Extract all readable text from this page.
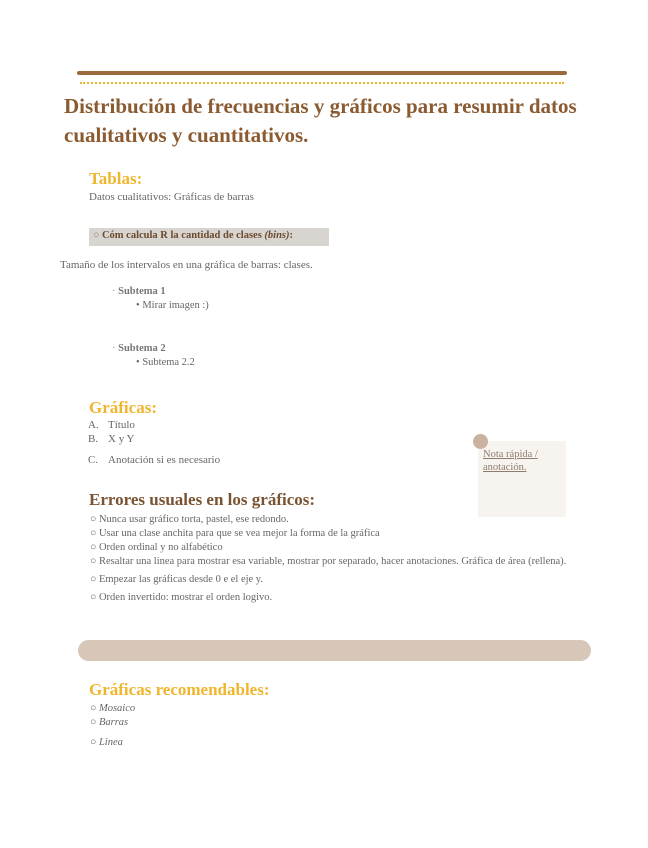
Distribución de frecuencias y gráficos para resumir datos cualitativos y cuantitativos.
Tablas:
Datos cualitativos: Gráficas de barras
○ Cóm calcula R la cantidad de clases (bins):
Tamaño de los intervalos en una gráfica de barras: clases.
· Subtema 1
• Mirar imagen :)
· Subtema 2
• Subtema 2.2
Gráficas:
A. Título
B. X y Y
C. Anotación si es necesario	Nota rápida / anotación.
Errores usuales en los gráficos:
○ Nunca usar gráfico torta, pastel, ese redondo.
○ Usar una clase anchita para que se vea mejor la forma de la gráfica
○ Orden ordinal y no alfabético
○ Resaltar una linea para mostrar esa variable, mostrar por separado, hacer anotaciones. Gráfica de área (rellena).
○ Empezar las gráficas desde 0 e el eje y.
○ Orden invertido: mostrar el orden logivo.
Gráficas recomendables:
○ Mosaico
○ Barras
○ Linea
